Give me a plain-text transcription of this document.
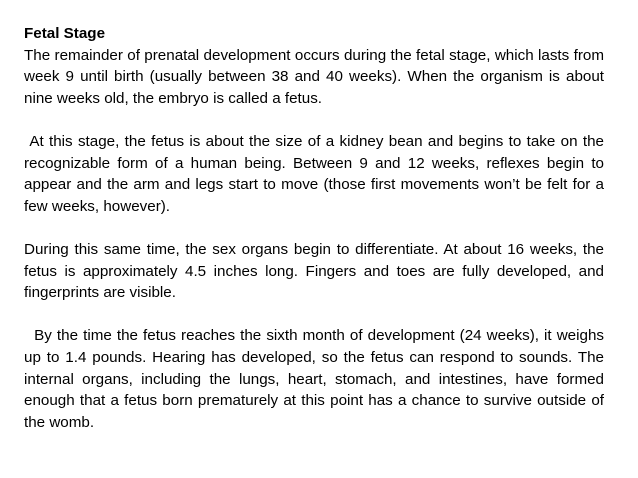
Fetal Stage

The remainder of prenatal development occurs during the fetal stage, which lasts from week 9 until birth (usually between 38 and 40 weeks). When the organism is about nine weeks old, the embryo is called a fetus.

At this stage, the fetus is about the size of a kidney bean and begins to take on the recognizable form of a human being. Between 9 and 12 weeks, reflexes begin to appear and the arm and legs start to move (those first movements won’t be felt for a few weeks, however).

During this same time, the sex organs begin to differentiate. At about 16 weeks, the fetus is approximately 4.5 inches long. Fingers and toes are fully developed, and fingerprints are visible.

By the time the fetus reaches the sixth month of development (24 weeks), it weighs up to 1.4 pounds. Hearing has developed, so the fetus can respond to sounds. The internal organs, including the lungs, heart, stomach, and intestines, have formed enough that a fetus born prematurely at this point has a chance to survive outside of the womb.
